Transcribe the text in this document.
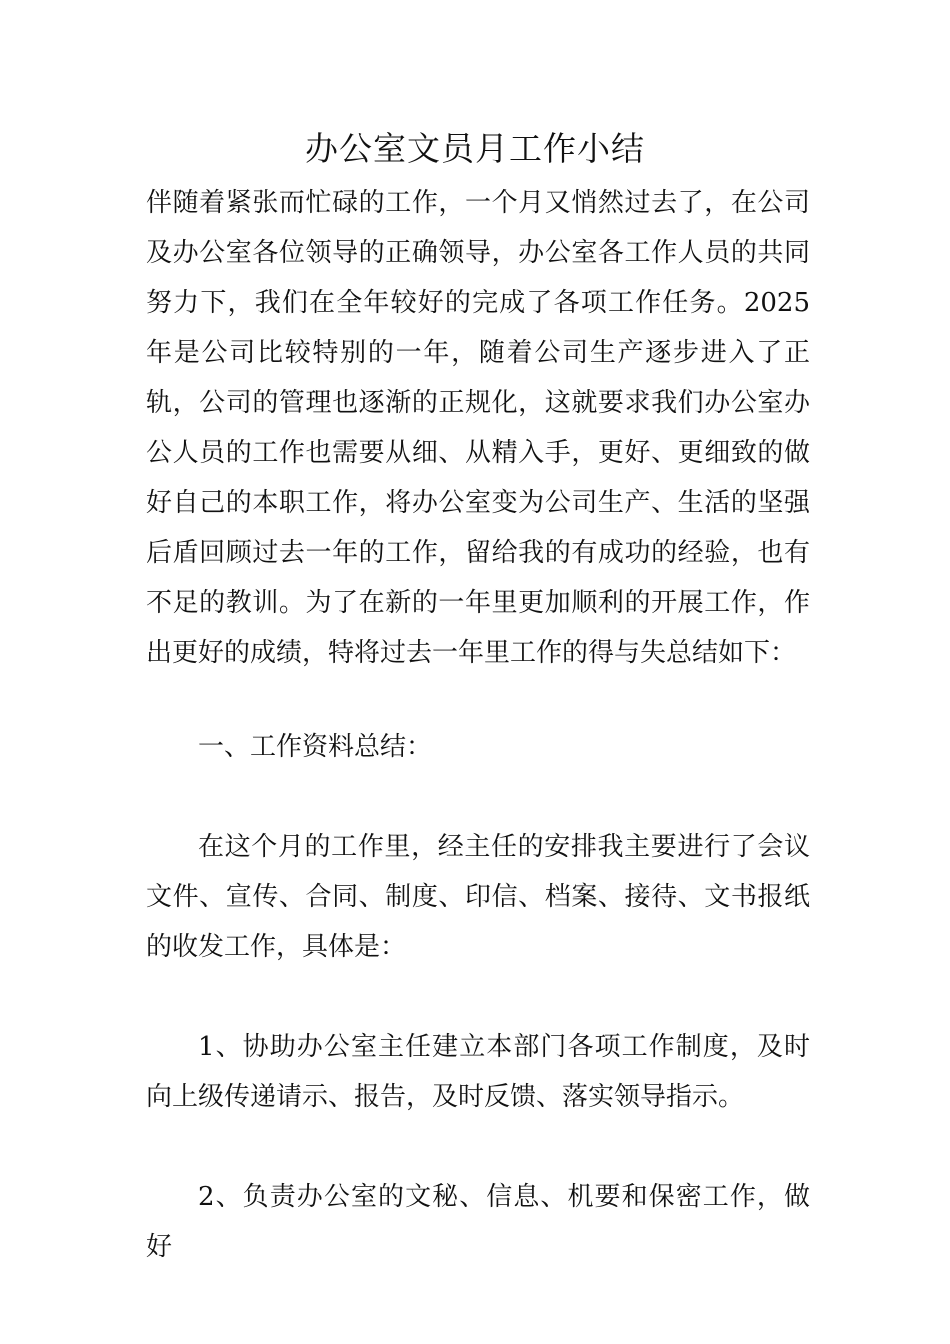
办公室文员月工作小结

伴随着紧张而忙碌的工作，一个月又悄然过去了，在公司及办公室各位领导的正确领导，办公室各工作人员的共同努力下，我们在全年较好的完成了各项工作任务。2025年是公司比较特别的一年，随着公司生产逐步进入了正轨，公司的管理也逐渐的正规化，这就要求我们办公室办公人员的工作也需要从细、从精入手，更好、更细致的做好自己的本职工作，将办公室变为公司生产、生活的坚强后盾回顾过去一年的工作，留给我的有成功的经验，也有不足的教训。为了在新的一年里更加顺利的开展工作，作出更好的成绩，特将过去一年里工作的得与失总结如下：

一、工作资料总结：

在这个月的工作里，经主任的安排我主要进行了会议文件、宣传、合同、制度、印信、档案、接待、文书报纸的收发工作，具体是：

1、协助办公室主任建立本部门各项工作制度，及时向上级传递请示、报告，及时反馈、落实领导指示。

2、负责办公室的文秘、信息、机要和保密工作，做好
